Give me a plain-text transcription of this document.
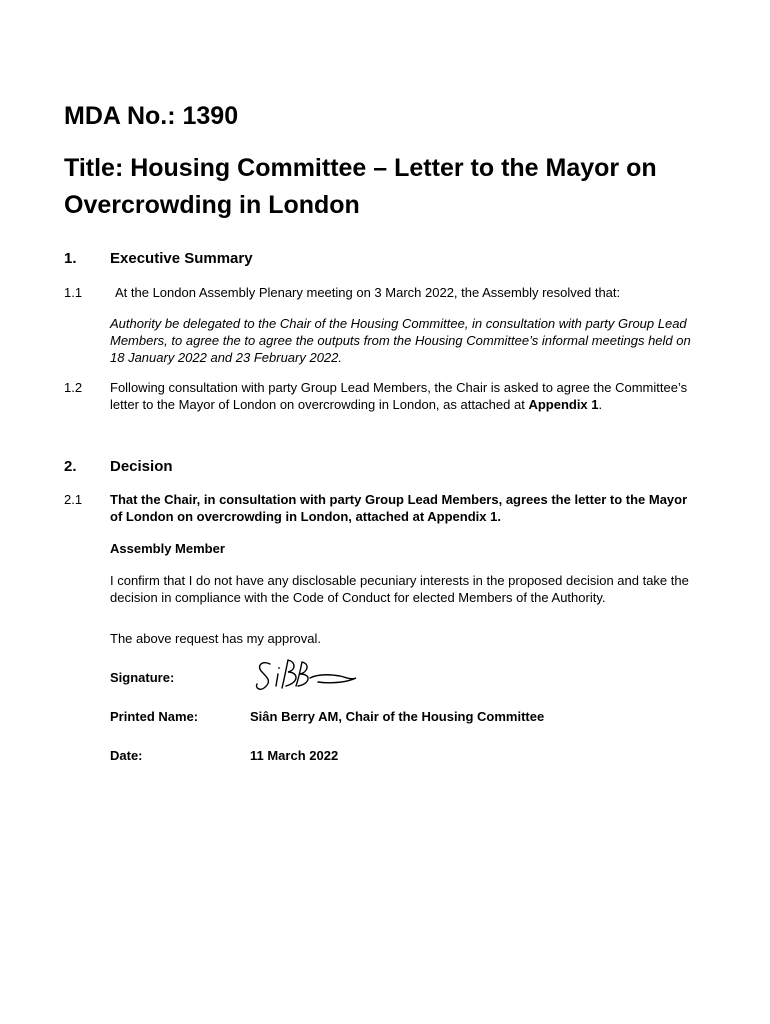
MDA No.: 1390
Title: Housing Committee – Letter to the Mayor on Overcrowding in London
1. Executive Summary
1.1	At the London Assembly Plenary meeting on 3 March 2022, the Assembly resolved that:

Authority be delegated to the Chair of the Housing Committee, in consultation with party Group Lead Members, to agree the to agree the outputs from the Housing Committee’s informal meetings held on 18 January 2022 and 23 February 2022.

1.2 Following consultation with party Group Lead Members, the Chair is asked to agree the Committee’s letter to the Mayor of London on overcrowding in London, as attached at Appendix 1.

2. Decision
2.1 That the Chair, in consultation with party Group Lead Members, agrees the letter to the Mayor of London on overcrowding in London, attached at Appendix 1.

Assembly Member

I confirm that I do not have any disclosable pecuniary interests in the proposed decision and take the decision in compliance with the Code of Conduct for elected Members of the Authority.

The above request has my approval.

Signature:
Printed Name:	Siân Berry AM, Chair of the Housing Committee
Date:	11 March 2022
